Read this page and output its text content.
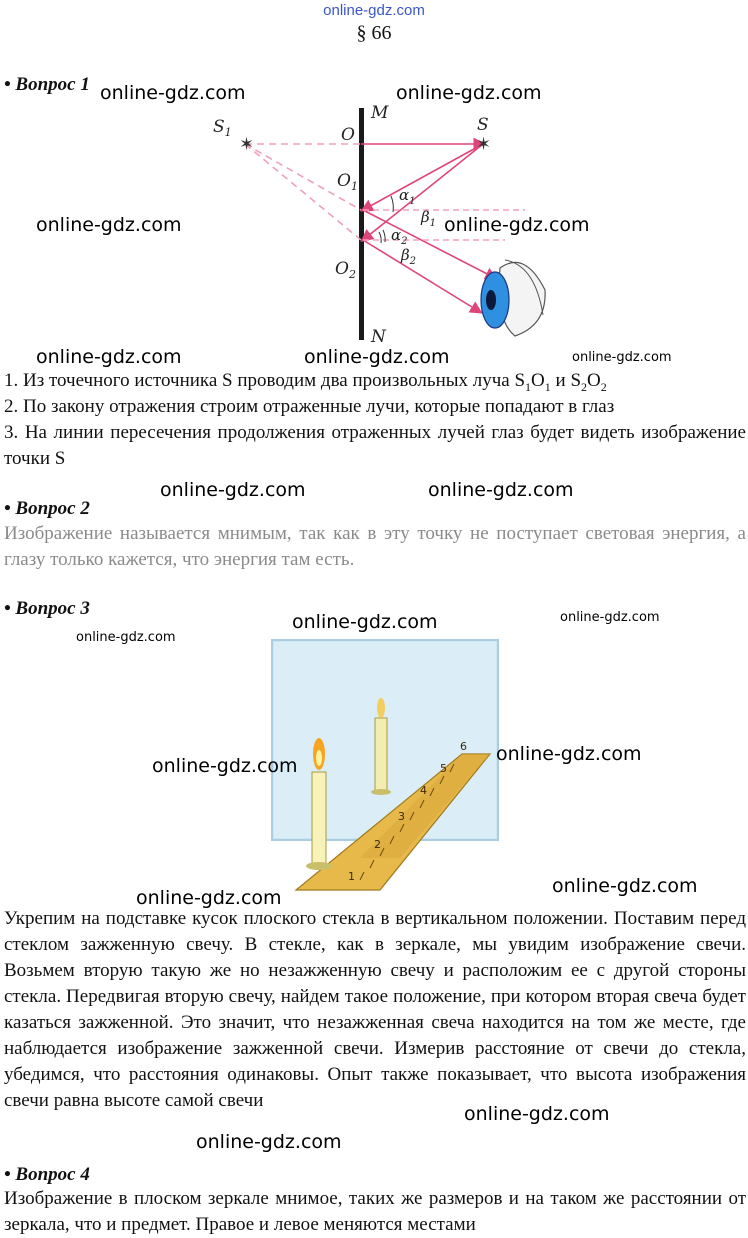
online-gdz.com
§ 66
• Вопрос 1
✶	✶
$S_1$	S
M
N
O
$O_1$
$O_2$
$\alpha_1$
$\beta_1$
$\alpha_2$
$\beta_2$
online-gdz.com	online-gdz.com
online-gdz.com	online-gdz.com
online-gdz.com	online-gdz.com	online-gdz.com
1. Из точечного источника S проводим два произвольных луча $S_1O_1$ и $S_2O_2$
2. По закону отражения строим отраженные лучи, которые попадают в глаз
3. На линии пересечения продолжения отраженных лучей глаз будет видеть изображение точки S
online-gdz.com	online-gdz.com
• Вопрос 2
Изображение называется мнимым, так как в эту точку не поступает световая энергия, а глазу только кажется, что энергия там есть.
• Вопрос 3
1
2
3
4
5
6
online-gdz.com	online-gdz.com
online-gdz.com
online-gdz.com
online-gdz.com
online-gdz.com
online-gdz.com
Укрепим на подставке кусок плоского стекла в вертикальном положении. Поставим перед стеклом зажженную свечу. В стекле, как в зеркале, мы увидим изображение свечи. Возьмем вторую такую же но незажженную свечу и расположим ее с другой стороны стекла. Передвигая вторую свечу, найдем такое положение, при котором вторая свеча будет казаться зажженной. Это значит, что незажженная свеча находится на том же месте, где наблюдается изображение зажженной свечи. Измерив расстояние от свечи до стекла, убедимся, что расстояния одинаковы. Опыт также показывает, что высота изображения свечи равна высоте самой свечи
online-gdz.com
online-gdz.com
• Вопрос 4
Изображение в плоском зеркале мнимое, таких же размеров и на таком же расстоянии от зеркала, что и предмет. Правое и левое меняются местами
